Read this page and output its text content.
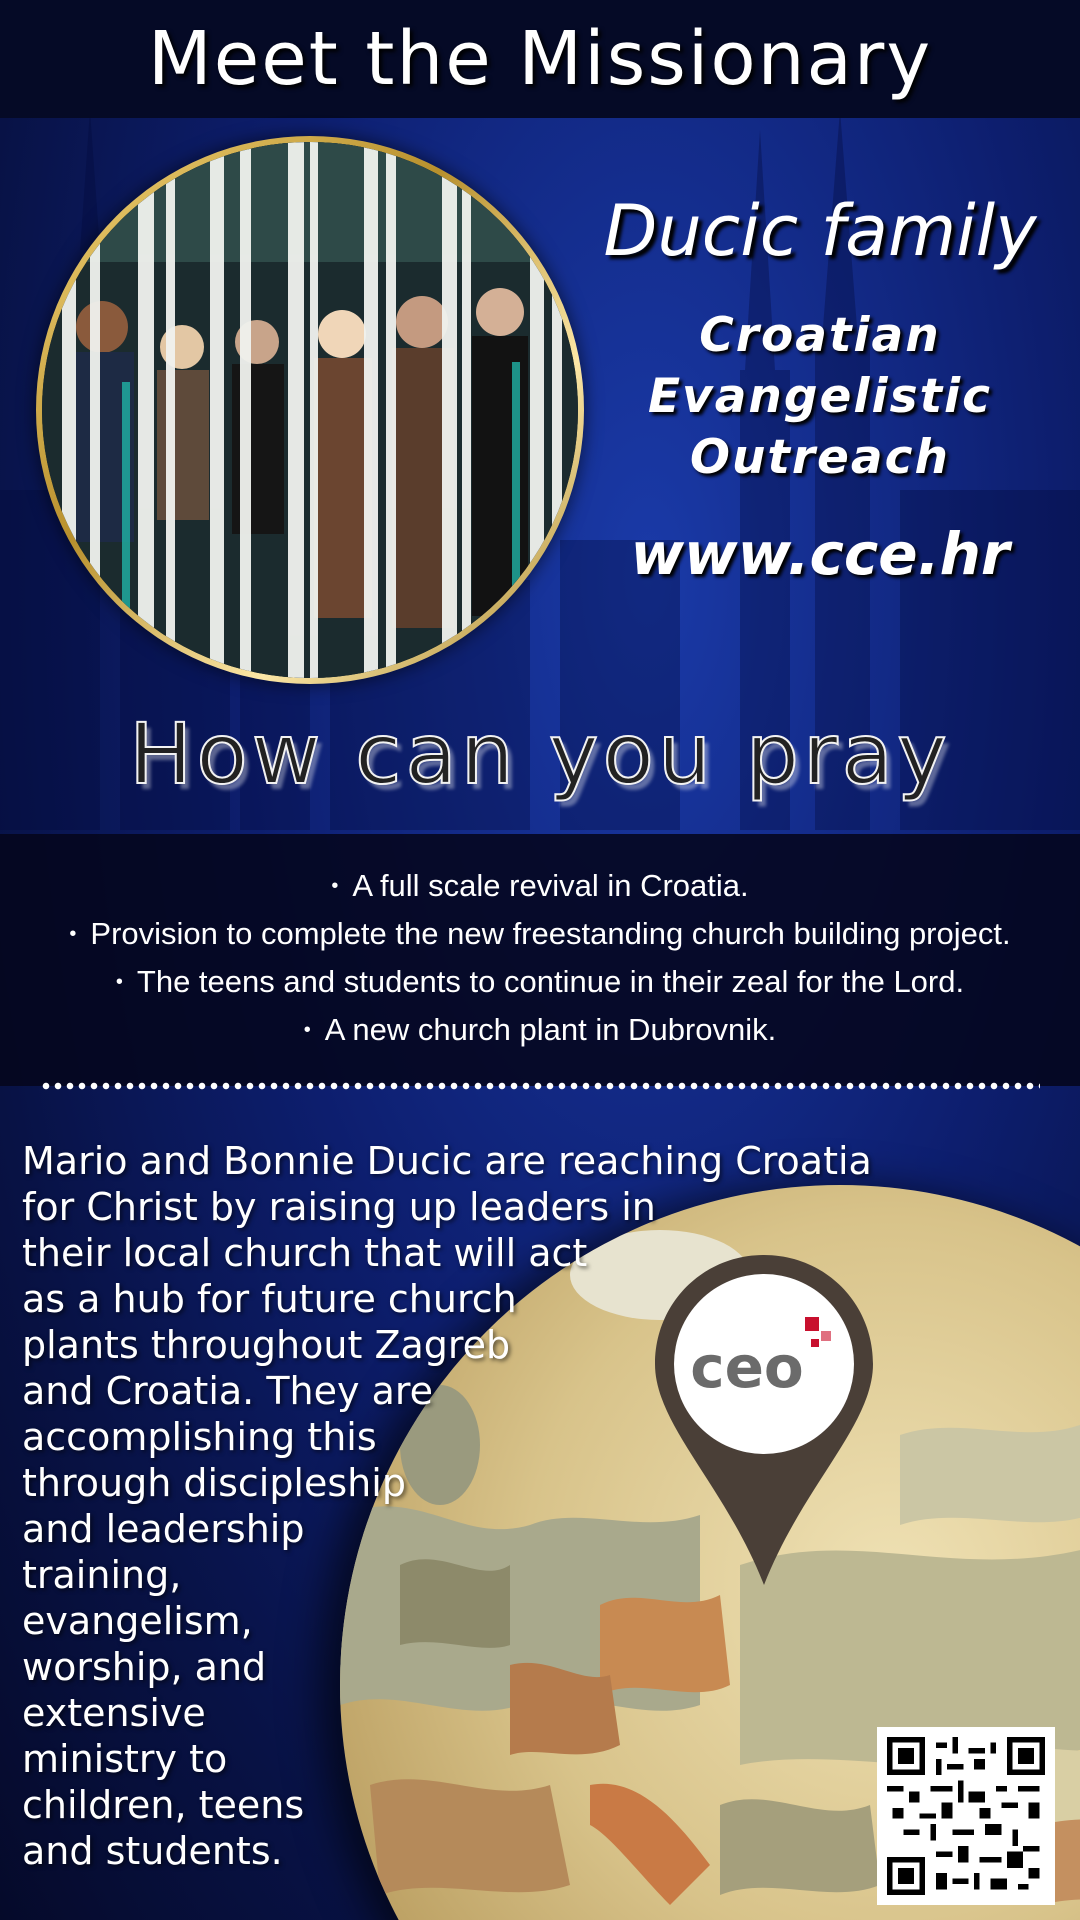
Meet the Missionary
Ducic family
Croatian
Evangelistic
Outreach
www.cce.hr
How can you pray
• A full scale revival in Croatia.
• Provision to complete the new freestanding church building project.
• The teens and students to continue in their zeal for the Lord.
• A new church plant in Dubrovnik.
Mario and Bonnie Ducic are reaching Croatia
for Christ by raising up leaders in
their local church that will act
as a hub for future church
plants throughout Zagreb
and Croatia. They are
accomplishing this
through discipleship
and leadership
training,
evangelism,
worship, and
extensive
ministry to
children, teens
and students.
ceo
